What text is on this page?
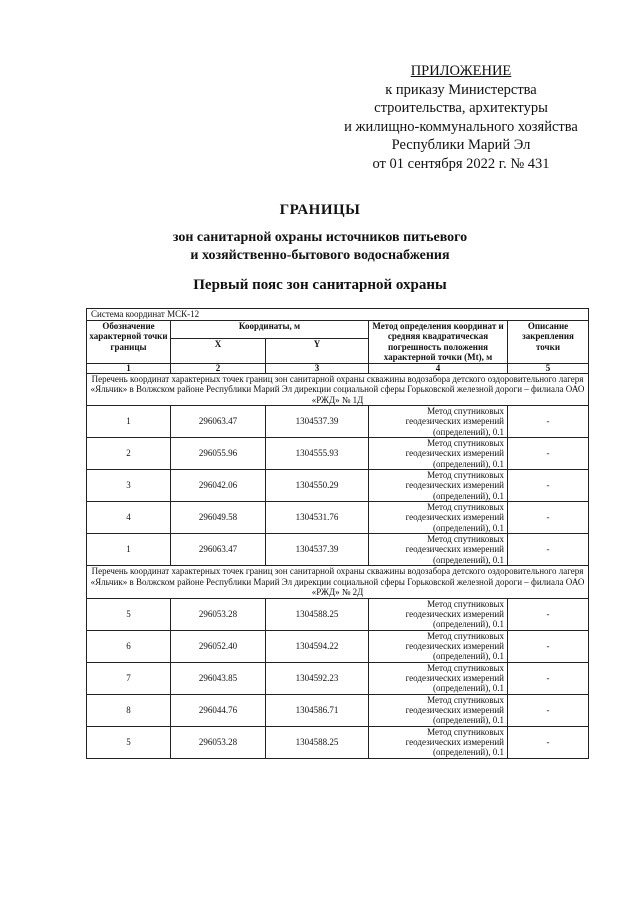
ПРИЛОЖЕНИЕ
к приказу Министерства
строительства, архитектуры
и жилищно-коммунального хозяйства
Республики Марий Эл
от 01 сентября 2022 г. № 431
ГРАНИЦЫ
зон санитарной охраны источников питьевого
и хозяйственно-бытового водоснабжения
Первый пояс зон санитарной охраны
Система координат МСК-12				
Обозначение характерной точки границы	Координаты, м		Метод определения координат и средняя квадратическая погрешность положения характерной точки (Mt), м	Описание закрепления точки
	X	Y		
1	2	3	4	5
Перечень координат характерных точек границ зон санитарной охраны скважины водозабора детского оздоровительного лагеря «Яльчик» в Волжском районе Республики Марий Эл дирекции социальной сферы Горьковской железной дороги – филиала ОАО «РЖД» № 1Д				
1	296063.47	1304537.39	Метод спутниковых геодезических измерений (определений), 0.1	-
2	296055.96	1304555.93	Метод спутниковых геодезических измерений (определений), 0.1	-
3	296042.06	1304550.29	Метод спутниковых геодезических измерений (определений), 0.1	-
4	296049.58	1304531.76	Метод спутниковых геодезических измерений (определений), 0.1	-
1	296063.47	1304537.39	Метод спутниковых геодезических измерений (определений), 0.1	-
Перечень координат характерных точек границ зон санитарной охраны скважины водозабора детского оздоровительного лагеря «Яльчик» в Волжском районе Республики Марий Эл дирекции социальной сферы Горьковской железной дороги – филиала ОАО «РЖД» № 2Д				
5	296053.28	1304588.25	Метод спутниковых геодезических измерений (определений), 0.1	-
6	296052.40	1304594.22	Метод спутниковых геодезических измерений (определений), 0.1	-
7	296043.85	1304592.23	Метод спутниковых геодезических измерений (определений), 0.1	-
8	296044.76	1304586.71	Метод спутниковых геодезических измерений (определений), 0.1	-
5	296053.28	1304588.25	Метод спутниковых геодезических измерений (определений), 0.1	-
